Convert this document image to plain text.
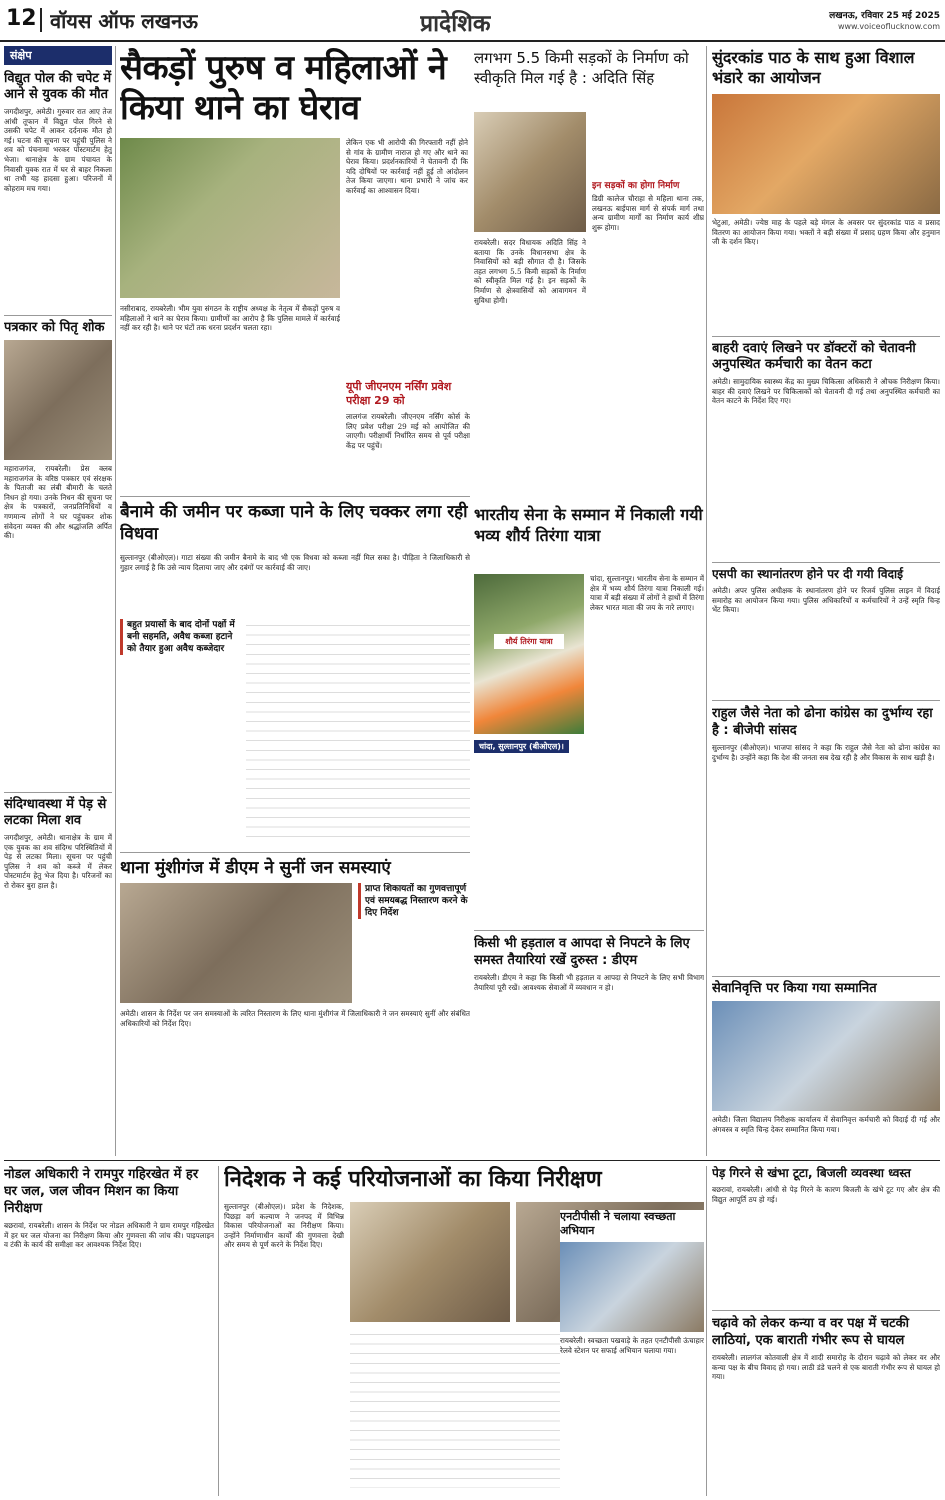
12 वॉयस ऑफ लखनऊ	प्रादेशिक	लखनऊ, रविवार 25 मई 2025
www.voiceoflucknow.com
संक्षेप
विद्युत पोल की चपेट में आने से युवक की मौत
जगदीशपुर, अमेठी। गुरुवार रात आए तेज आंधी तूफान में विद्युत पोल गिरने से उसकी चपेट में आकर दर्दनाक मौत हो गई। घटना की सूचना पर पहुंची पुलिस ने शव को पंचनामा भरकर पोस्टमार्टम हेतु भेजा। थानाक्षेत्र के ग्राम पंचायत के निवासी युवक रात में घर से बाहर निकला था तभी यह हादसा हुआ। परिजनों में कोहराम मच गया।
पत्रकार को पितृ शोक
महाराजगंज, रायबरेली। प्रेस क्लब महाराजगंज के वरिष्ठ पत्रकार एवं संरक्षक के पिताजी का लंबी बीमारी के चलते निधन हो गया। उनके निधन की सूचना पर क्षेत्र के पत्रकारों, जनप्रतिनिधियों व गणमान्य लोगों ने घर पहुंचकर शोक संवेदना व्यक्त की और श्रद्धांजलि अर्पित की।
संदिग्धावस्था में पेड़ से लटका मिला शव
जगदीशपुर, अमेठी। थानाक्षेत्र के ग्राम में एक युवक का शव संदिग्ध परिस्थितियों में पेड़ से लटका मिला। सूचना पर पहुंची पुलिस ने शव को कब्जे में लेकर पोस्टमार्टम हेतु भेज दिया है। परिजनों का रो रोकर बुरा हाल है।
सैकड़ों पुरुष व महिलाओं ने किया थाने का घेराव
नसीराबाद, रायबरेली। भीम युवा संगठन के राष्ट्रीय अध्यक्ष के नेतृत्व में सैकड़ों पुरुष व महिलाओं ने थाने का घेराव किया। ग्रामीणों का आरोप है कि पुलिस मामले में कार्रवाई नहीं कर रही है। थाने पर घंटों तक धरना प्रदर्शन चलता रहा।
लेकिन एक भी आरोपी की गिरफ्तारी नहीं होने से गांव के ग्रामीण नाराज हो गए और थाने का घेराव किया। प्रदर्शनकारियों ने चेतावनी दी कि यदि दोषियों पर कार्रवाई नहीं हुई तो आंदोलन तेज किया जाएगा। थाना प्रभारी ने जांच कर कार्रवाई का आश्वासन दिया।
यूपी जीएनएम नर्सिंग प्रवेश परीक्षा 29 को
लालगंज रायबरेली। जीएनएम नर्सिंग कोर्स के लिए प्रवेश परीक्षा 29 मई को आयोजित की जाएगी। परीक्षार्थी निर्धारित समय से पूर्व परीक्षा केंद्र पर पहुंचें।
लगभग 5.5 किमी सड़कों के निर्माण को स्वीकृति मिल गई है : अदिति सिंह
रायबरेली। सदर विधायक अदिति सिंह ने बताया कि उनके विधानसभा क्षेत्र के निवासियों को बड़ी सौगात दी है। जिसके तहत लगभग 5.5 किमी सड़कों के निर्माण को स्वीकृति मिल गई है। इन सड़कों के निर्माण से क्षेत्रवासियों को आवागमन में सुविधा होगी।
इन सड़कों का होगा निर्माण
डिग्री कालेज चौराहा से महिला थाना तक, लखनऊ बाईपास मार्ग से संपर्क मार्ग तथा अन्य ग्रामीण मार्गों का निर्माण कार्य शीघ्र शुरू होगा।
सुंदरकांड पाठ के साथ हुआ विशाल भंडारे का आयोजन
भेटुआ, अमेठी। ज्येष्ठ माह के पहले बड़े मंगल के अवसर पर सुंदरकांड पाठ व प्रसाद वितरण का आयोजन किया गया। भक्तों ने बड़ी संख्या में प्रसाद ग्रहण किया और हनुमान जी के दर्शन किए।
बाहरी दवाएं लिखने पर डॉक्टरों को चेतावनी अनुपस्थित कर्मचारी का वेतन कटा
अमेठी। सामुदायिक स्वास्थ्य केंद्र का मुख्य चिकित्सा अधिकारी ने औचक निरीक्षण किया। बाहर की दवाएं लिखने पर चिकित्सकों को चेतावनी दी गई तथा अनुपस्थित कर्मचारी का वेतन काटने के निर्देश दिए गए।
एसपी का स्थानांतरण होने पर दी गयी विदाई
अमेठी। अपर पुलिस अधीक्षक के स्थानांतरण होने पर रिजर्व पुलिस लाइन में विदाई समारोह का आयोजन किया गया। पुलिस अधिकारियों व कर्मचारियों ने उन्हें स्मृति चिन्ह भेंट किया।
राहुल जैसे नेता को ढोना कांग्रेस का दुर्भाग्य रहा है : बीजेपी सांसद
सुल्तानपुर (बीओएल)। भाजपा सांसद ने कहा कि राहुल जैसे नेता को ढोना कांग्रेस का दुर्भाग्य है। उन्होंने कहा कि देश की जनता सब देख रही है और विकास के साथ खड़ी है।
सेवानिवृत्ति पर किया गया सम्मानित
अमेठी। जिला विद्यालय निरीक्षक कार्यालय में सेवानिवृत्त कर्मचारी को विदाई दी गई और अंगवस्त्र व स्मृति चिन्ह देकर सम्मानित किया गया।
बैनामे की जमीन पर कब्जा पाने के लिए चक्कर लगा रही विधवा
सुल्तानपुर (बीओएल)। गाटा संख्या की जमीन बैनामे के बाद भी एक विधवा को कब्जा नहीं मिल सका है। पीड़िता ने जिलाधिकारी से गुहार लगाई है कि उसे न्याय दिलाया जाए और दबंगों पर कार्रवाई की जाए।
बहुत प्रयासों के बाद दोनों पक्षों में बनी सहमति, अवैध कब्जा हटाने को तैयार हुआ अवैध कब्जेदार
भारतीय सेना के सम्मान में निकाली गयी भव्य शौर्य तिरंगा यात्रा
शौर्य तिरंगा यात्रा
चांदा, सुल्तानपुर (बीओएल)।
चांदा, सुल्तानपुर। भारतीय सेना के सम्मान में क्षेत्र में भव्य शौर्य तिरंगा यात्रा निकाली गई। यात्रा में बड़ी संख्या में लोगों ने हाथों में तिरंगा लेकर भारत माता की जय के नारे लगाए।
थाना मुंशीगंज में डीएम ने सुनीं जन समस्याएं
प्राप्त शिकायतों का गुणवत्तापूर्ण एवं समयबद्ध निस्तारण करने के दिए निर्देश
अमेठी। शासन के निर्देश पर जन समस्याओं के त्वरित निस्तारण के लिए थाना मुंशीगंज में जिलाधिकारी ने जन समस्याएं सुनीं और संबंधित अधिकारियों को निर्देश दिए।
किसी भी हड़ताल व आपदा से निपटने के लिए समस्त तैयारियां रखें दुरुस्त : डीएम
रायबरेली। डीएम ने कहा कि किसी भी हड़ताल व आपदा से निपटने के लिए सभी विभाग तैयारियां पूरी रखें। आवश्यक सेवाओं में व्यवधान न हो।
नोडल अधिकारी ने रामपुर गहिरखेत में हर घर जल, जल जीवन मिशन का किया निरीक्षण
बछरावां, रायबरेली। शासन के निर्देश पर नोडल अधिकारी ने ग्राम रामपुर गहिरखेत में हर घर जल योजना का निरीक्षण किया और गुणवत्ता की जांच की। पाइपलाइन व टंकी के कार्य की समीक्षा कर आवश्यक निर्देश दिए।
निदेशक ने कई परियोजनाओं का किया निरीक्षण
सुल्तानपुर (बीओएल)। प्रदेश के निदेशक, पिछड़ा वर्ग कल्याण ने जनपद में विभिन्न विकास परियोजनाओं का निरीक्षण किया। उन्होंने निर्माणाधीन कार्यों की गुणवत्ता देखी और समय से पूर्ण करने के निर्देश दिए।
एनटीपीसी ने चलाया स्वच्छता अभियान
रायबरेली। स्वच्छता पखवाड़े के तहत एनटीपीसी ऊंचाहार रेलवे स्टेशन पर सफाई अभियान चलाया गया।
पेड़ गिरने से खंभा टूटा, बिजली व्यवस्था ध्वस्त
बछरावां, रायबरेली। आंधी से पेड़ गिरने के कारण बिजली के खंभे टूट गए और क्षेत्र की विद्युत आपूर्ति ठप हो गई।
चढ़ावे को लेकर कन्या व वर पक्ष में चटकी लाठियां, एक बाराती गंभीर रूप से घायल
रायबरेली। लालगंज कोतवाली क्षेत्र में शादी समारोह के दौरान चढ़ावे को लेकर वर और कन्या पक्ष के बीच विवाद हो गया। लाठी डंडे चलने से एक बाराती गंभीर रूप से घायल हो गया।
